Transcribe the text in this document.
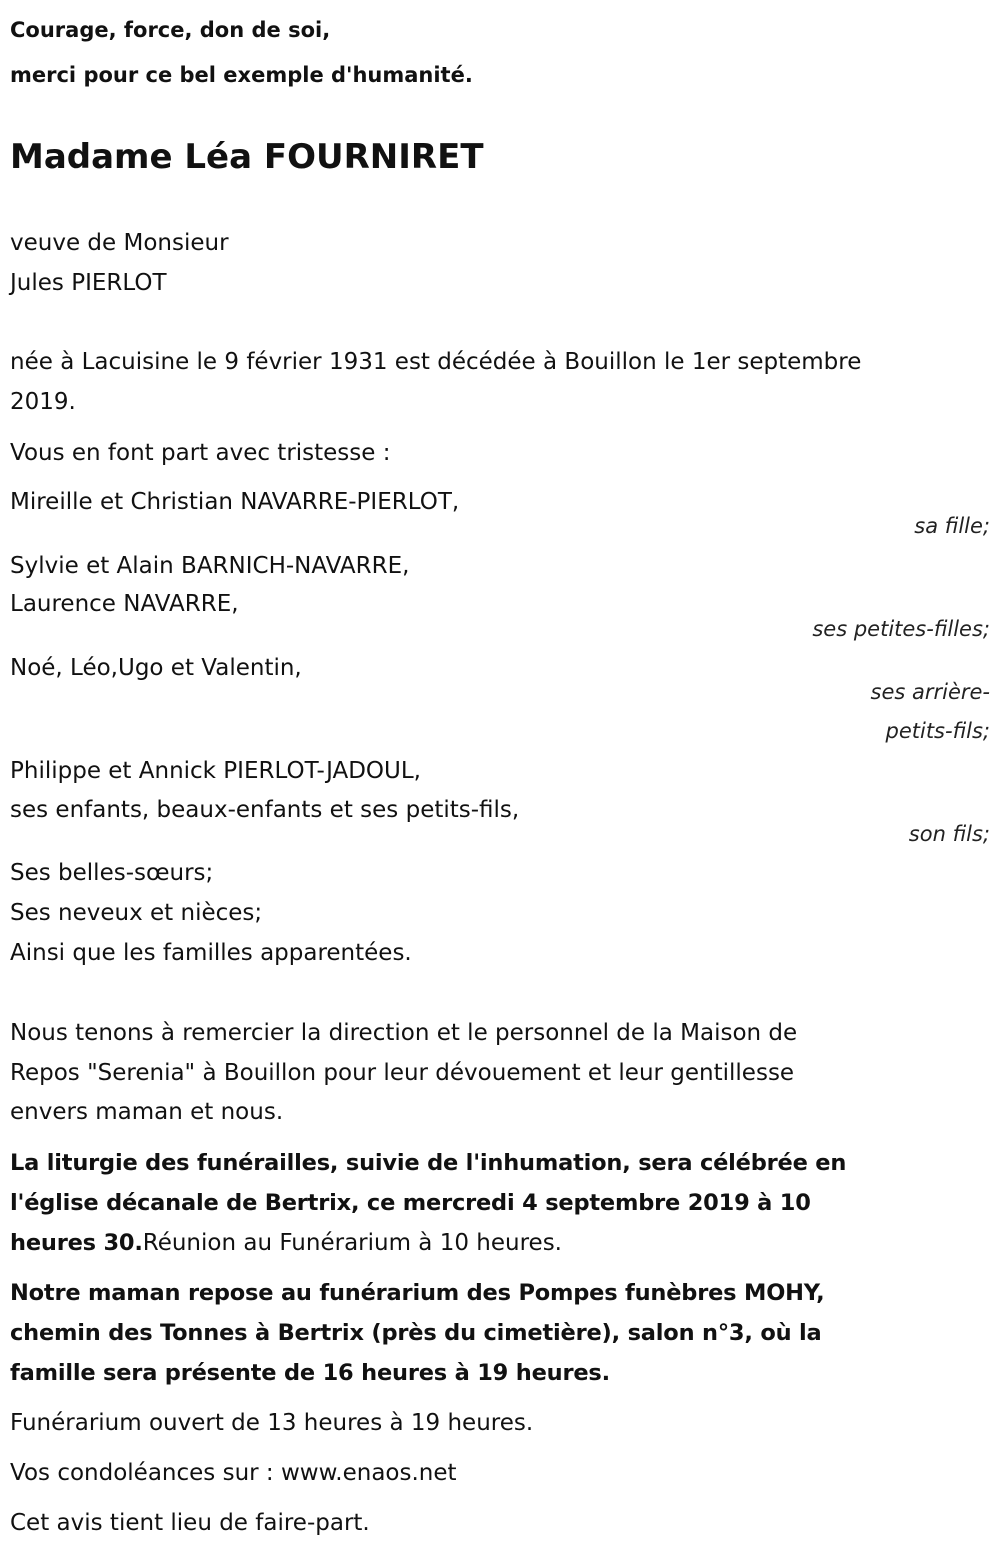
Courage, force, don de soi,
merci pour ce bel exemple d'humanité.
Madame Léa FOURNIRET
veuve de Monsieur
Jules PIERLOT
née à Lacuisine le 9 février 1931 est décédée à Bouillon le 1er septembre
2019.
Vous en font part avec tristesse :
Mireille et Christian NAVARRE-PIERLOT,
sa fille;
Sylvie et Alain BARNICH-NAVARRE,
Laurence NAVARRE,
ses petites-filles;
Noé, Léo,Ugo et Valentin,
ses arrière-
petits-fils;
Philippe et Annick PIERLOT-JADOUL,
ses enfants, beaux-enfants et ses petits-fils,
son fils;
Ses belles-sœurs;
Ses neveux et nièces;
Ainsi que les familles apparentées.
Nous tenons à remercier la direction et le personnel de la Maison de
Repos "Serenia" à Bouillon pour leur dévouement et leur gentillesse
envers maman et nous.
La liturgie des funérailles, suivie de l'inhumation, sera célébrée en
l'église décanale de Bertrix, ce mercredi 4 septembre 2019 à 10
heures 30.Réunion au Funérarium à 10 heures.
Notre maman repose au funérarium des Pompes funèbres MOHY,
chemin des Tonnes à Bertrix (près du cimetière), salon n°3, où la
famille sera présente de 16 heures à 19 heures.
Funérarium ouvert de 13 heures à 19 heures.
Vos condoléances sur : www.enaos.net
Cet avis tient lieu de faire-part.
